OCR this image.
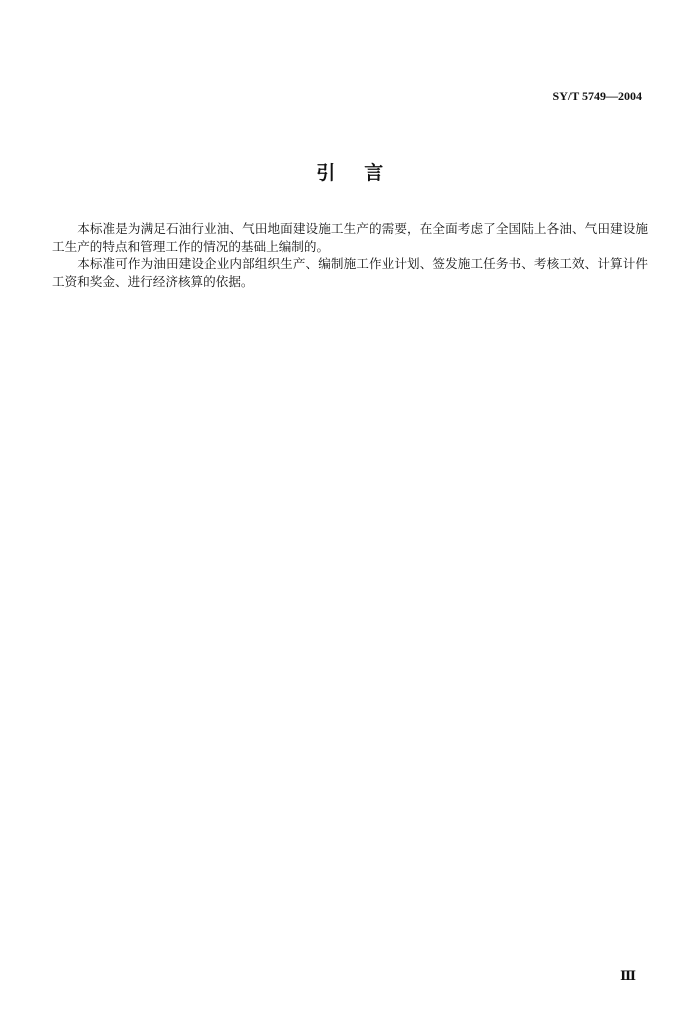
SY/T 5749—2004
引    言

本标准是为满足石油行业油、气田地面建设施工生产的需要，在全面考虑了全国陆上各油、气田建设施工生产的特点和管理工作的情况的基础上编制的。

本标准可作为油田建设企业内部组织生产、编制施工作业计划、签发施工任务书、考核工效、计算计件工资和奖金、进行经济核算的依据。

Ⅲ
